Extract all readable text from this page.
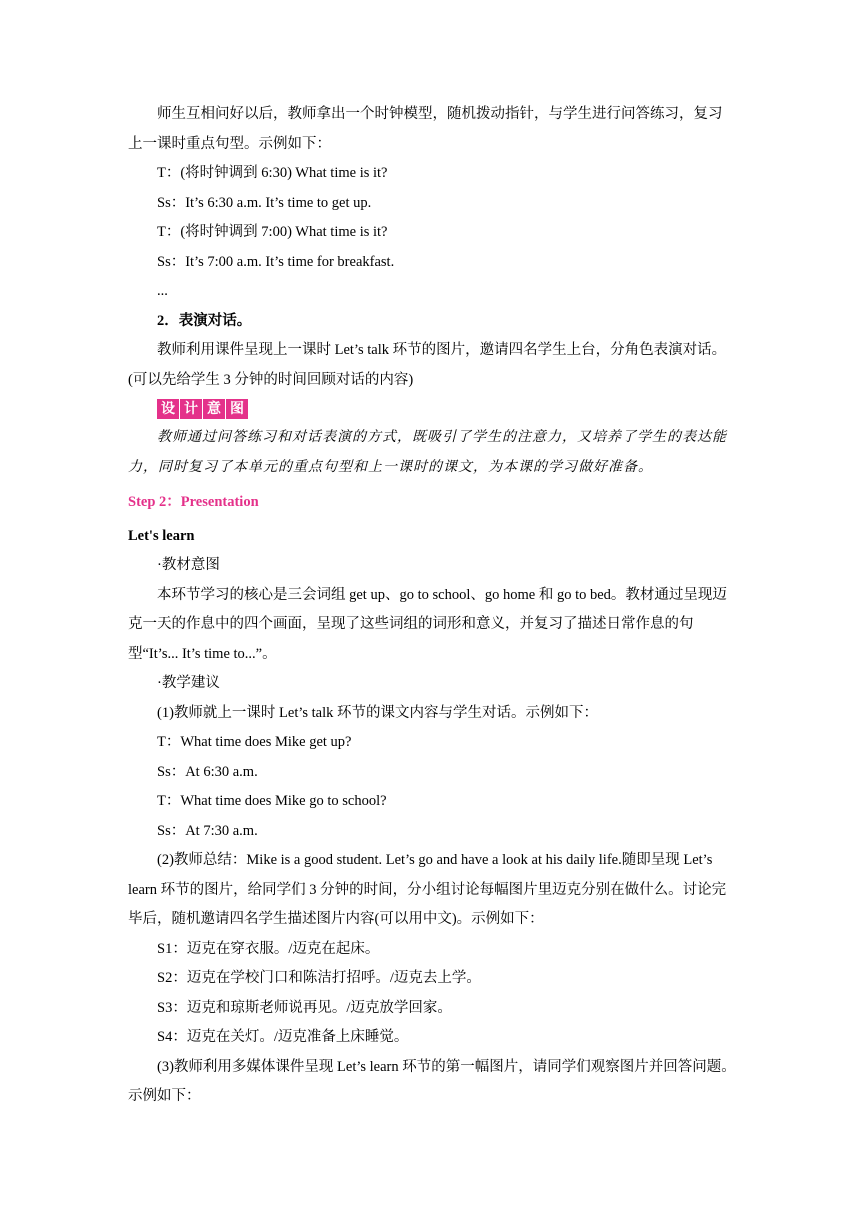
师生互相问好以后，教师拿出一个时钟模型，随机拨动指针，与学生进行问答练习，复习上一课时重点句型。示例如下：

T：(将时钟调到 6:30) What time is it?

Ss：It’s 6:30 a.m. It’s time to get up.

T：(将时钟调到 7:00) What time is it?

Ss：It’s 7:00 a.m. It’s time for breakfast.

...

2．表演对话。

教师利用课件呈现上一课时 Let’s talk 环节的图片，邀请四名学生上台，分角色表演对话。(可以先给学生 3 分钟的时间回顾对话的内容)

设 计 意 图

教师通过问答练习和对话表演的方式，既吸引了学生的注意力，又培养了学生的表达能力，同时复习了本单元的重点句型和上一课时的课文，为本课的学习做好准备。

Step 2：Presentation

Let's learn

·教材意图

本环节学习的核心是三会词组 get up、go to school、go home 和 go to bed。教材通过呈现迈克一天的作息中的四个画面，呈现了这些词组的词形和意义，并复习了描述日常作息的句型“It’s... It’s time to...”。

·教学建议

(1)教师就上一课时 Let’s talk 环节的课文内容与学生对话。示例如下：

T：What time does Mike get up?

Ss：At 6:30 a.m.

T：What time does Mike go to school?

Ss：At 7:30 a.m.

(2)教师总结：Mike is a good student. Let’s go and have a look at his daily life.随即呈现 Let’s learn 环节的图片，给同学们 3 分钟的时间，分小组讨论每幅图片里迈克分别在做什么。讨论完毕后，随机邀请四名学生描述图片内容(可以用中文)。示例如下：

S1：迈克在穿衣服。/迈克在起床。

S2：迈克在学校门口和陈洁打招呼。/迈克去上学。

S3：迈克和琼斯老师说再见。/迈克放学回家。

S4：迈克在关灯。/迈克准备上床睡觉。

(3)教师利用多媒体课件呈现 Let’s learn 环节的第一幅图片，请同学们观察图片并回答问题。示例如下：
